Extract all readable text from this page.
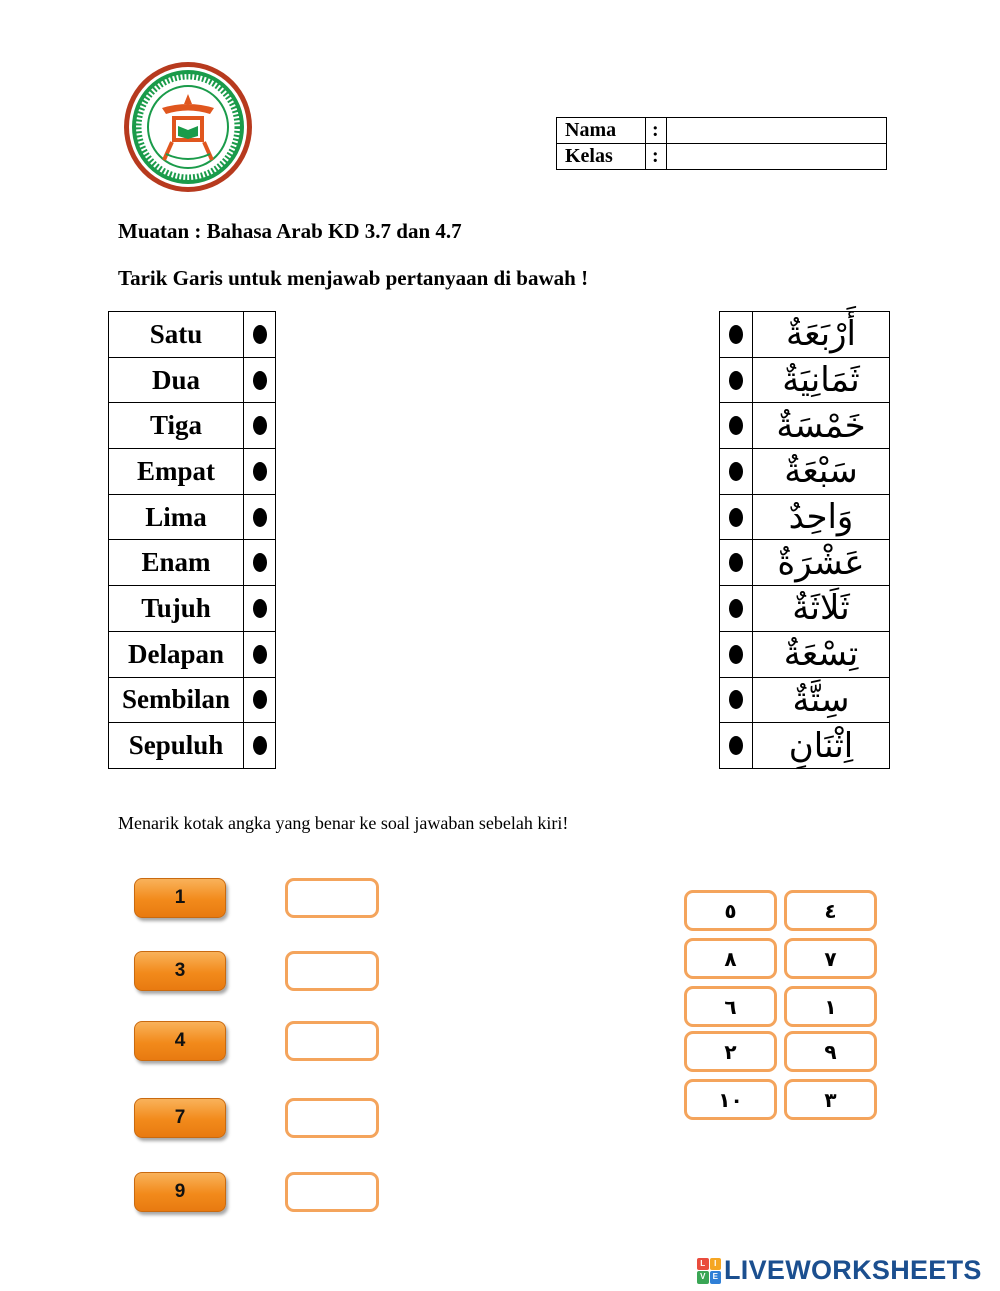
Nama	:	
Kelas	:	
Muatan : Bahasa Arab KD 3.7 dan 4.7
Tarik Garis untuk menjawab pertanyaan di bawah !
Satu	

Dua	

Tiga	

Empat	

Lima	

Enam	

Tujuh	

Delapan	

Sembilan	

Sepuluh	
	أَرْبَعَةٌ

	ثَمَانِيَةٌ

	خَمْسَةٌ

	سَبْعَةٌ

	وَاحِدٌ

	عَشْرَةٌ

	ثَلَاثَةٌ

	تِسْعَةٌ

	سِتَّةٌ

	اِثْنَانِ
Menarik kotak angka yang benar ke soal jawaban sebelah kiri!
1
3
4
7
9
٥	٤
٨	٧
٦	١
٢	٩
١٠	٣
L	I
V E LIVEWORKSHEETS
